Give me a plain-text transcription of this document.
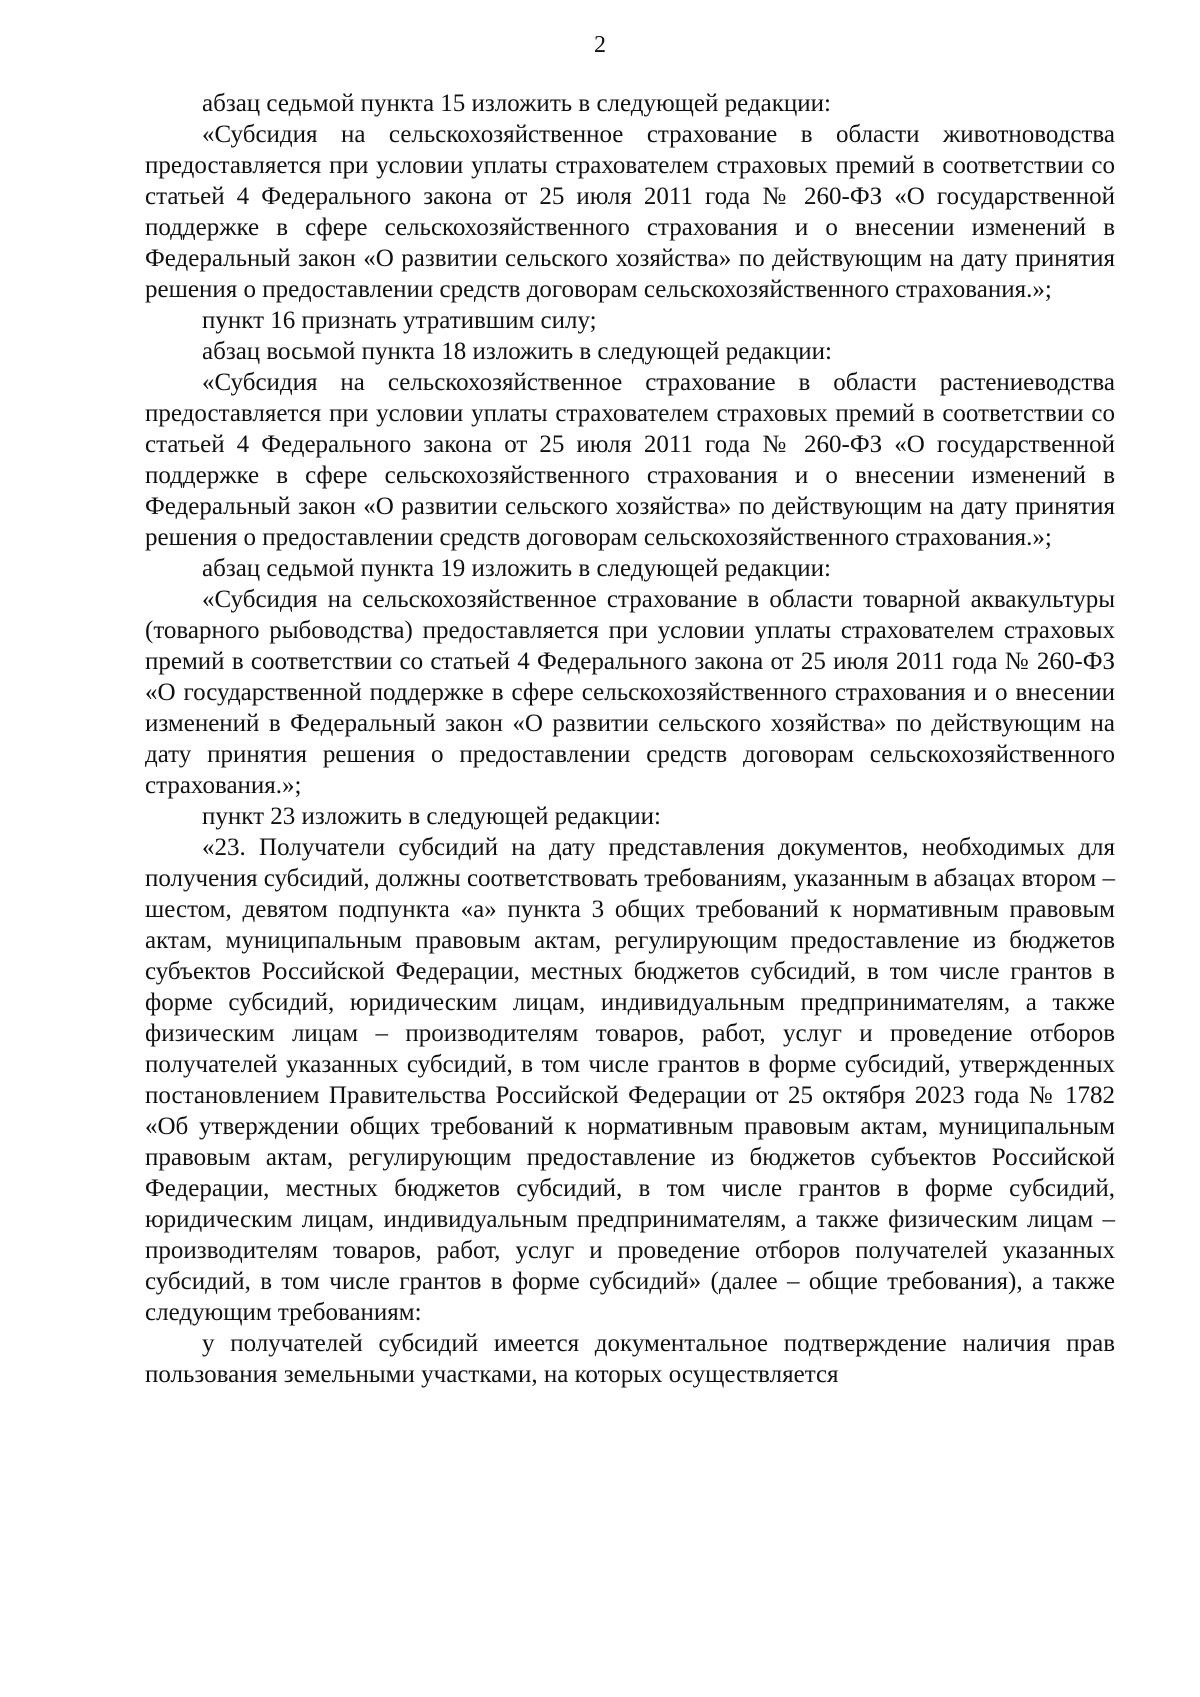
2

абзац седьмой пункта 15 изложить в следующей редакции:

«Субсидия на сельскохозяйственное страхование в области животноводства предоставляется при условии уплаты страхователем страховых премий в соответствии со статьей 4 Федерального закона от 25 июля 2011 года № 260-ФЗ «О государственной поддержке в сфере сельскохозяйственного страхования и о внесении изменений в Федеральный закон «О развитии сельского хозяйства» по действующим на дату принятия решения о предоставлении средств договорам сельскохозяйственного страхования.»;

пункт 16 признать утратившим силу;

абзац восьмой пункта 18 изложить в следующей редакции:

«Субсидия на сельскохозяйственное страхование в области растениеводства предоставляется при условии уплаты страхователем страховых премий в соответствии со статьей 4 Федерального закона от 25 июля 2011 года № 260-ФЗ «О государственной поддержке в сфере сельскохозяйственного страхования и о внесении изменений в Федеральный закон «О развитии сельского хозяйства» по действующим на дату принятия решения о предоставлении средств договорам сельскохозяйственного страхования.»;

абзац седьмой пункта 19 изложить в следующей редакции:

«Субсидия на сельскохозяйственное страхование в области товарной аквакультуры (товарного рыбоводства) предоставляется при условии уплаты страхователем страховых премий в соответствии со статьей 4 Федерального закона от 25 июля 2011 года № 260-ФЗ «О государственной поддержке в сфере сельскохозяйственного страхования и о внесении изменений в Федеральный закон «О развитии сельского хозяйства» по действующим на дату принятия решения о предоставлении средств договорам сельскохозяйственного страхования.»;

пункт 23 изложить в следующей редакции:

«23. Получатели субсидий на дату представления документов, необходимых для получения субсидий, должны соответствовать требованиям, указанным в абзацах втором – шестом, девятом подпункта «а» пункта 3 общих требований к нормативным правовым актам, муниципальным правовым актам, регулирующим предоставление из бюджетов субъектов Российской Федерации, местных бюджетов субсидий, в том числе грантов в форме субсидий, юридическим лицам, индивидуальным предпринимателям, а также физическим лицам – производителям товаров, работ, услуг и проведение отборов получателей указанных субсидий, в том числе грантов в форме субсидий, утвержденных постановлением Правительства Российской Федерации от 25 октября 2023 года № 1782 «Об утверждении общих требований к нормативным правовым актам, муниципальным правовым актам, регулирующим предоставление из бюджетов субъектов Российской Федерации, местных бюджетов субсидий, в том числе грантов в форме субсидий, юридическим лицам, индивидуальным предпринимателям, а также физическим лицам – производителям товаров, работ, услуг и проведение отборов получателей указанных субсидий, в том числе грантов в форме субсидий» (далее – общие требования), а также следующим требованиям:

у получателей субсидий имеется документальное подтверждение наличия прав пользования земельными участками, на которых осуществляется
